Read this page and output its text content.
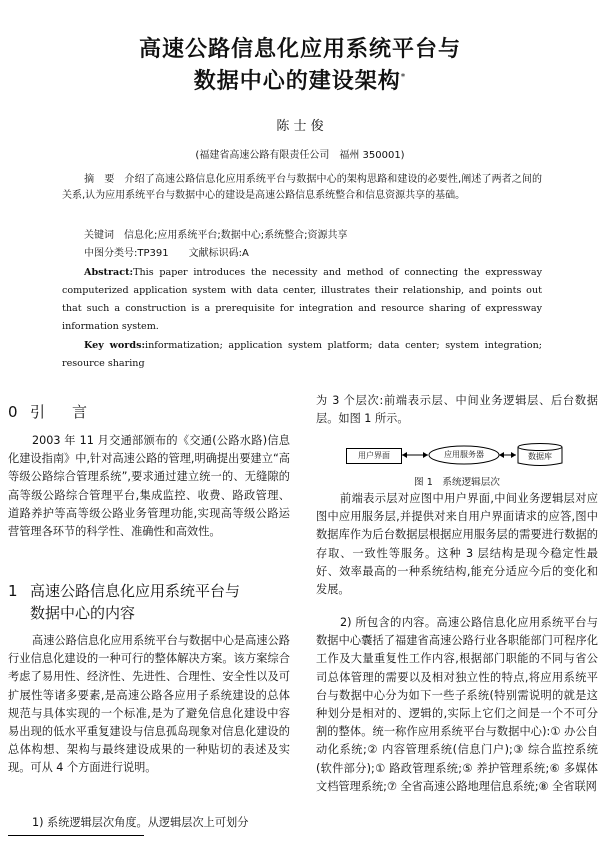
高速公路信息化应用系统平台与
数据中心的建设架构*
陈 士 俊
(福建省高速公路有限责任公司　福州 350001)
摘　要 介绍了高速公路信息化应用系统平台与数据中心的架构思路和建设的必要性,阐述了两者之间的关系,认为应用系统平台与数据中心的建设是高速公路信息系统整合和信息资源共享的基础。
关键词 信息化;应用系统平台;数据中心;系统整合;资源共享
中图分类号:TP391 文献标识码:A
Abstract:This paper introduces the necessity and method of connecting the expressway computerized application system with data center, illustrates their relationship, and points out that such a construction is a prerequisite for integration and resource sharing of expressway information system.
Key words:informatization; application system platform; data center; system integration; resource sharing
0 引　言
2003 年 11 月交通部颁布的《交通(公路水路)信息化建设指南》中,针对高速公路的管理,明确提出要建立“高等级公路综合管理系统”,要求通过建立统一的、无缝隙的高等级公路综合管理平台,集成监控、收费、路政管理、道路养护等高等级公路业务管理功能,实现高等级公路运营管理各环节的科学性、准确性和高效性。
1 高速公路信息化应用系统平台与
数据中心的内容
高速公路信息化应用系统平台与数据中心是高速公路行业信息化建设的一种可行的整体解决方案。该方案综合考虑了易用性、经济性、先进性、合理性、安全性以及可扩展性等诸多要素,是高速公路各应用子系统建设的总体规范与具体实现的一个标准,是为了避免信息化建设中容易出现的低水平重复建设与信息孤岛现象对信息化建设的总体构想、架构与最终建设成果的一种贴切的表述及实现。可从 4 个方面进行说明。
1) 系统逻辑层次角度。从逻辑层次上可划分
为 3 个层次:前端表示层、中间业务逻辑层、后台数据层。如图 1 所示。
用户界面	应用服务器	数据库
图 1　系统逻辑层次
前端表示层对应图中用户界面,中间业务逻辑层对应图中应用服务层,并提供对来自用户界面请求的应答,图中数据库作为后台数据层根据应用服务层的需要进行数据的存取、一致性等服务。这种 3 层结构是现今稳定性最好、效率最高的一种系统结构,能充分适应今后的变化和发展。
2) 所包含的内容。高速公路信息化应用系统平台与数据中心囊括了福建省高速公路行业各职能部门可程序化工作及大量重复性工作内容,根据部门职能的不同与省公司总体管理的需要以及相对独立性的特点,将应用系统平台与数据中心分为如下一些子系统(特别需说明的就是这种划分是相对的、逻辑的,实际上它们之间是一个不可分割的整体。统一称作应用系统平台与数据中心):① 办公自动化系统;② 内容管理系统(信息门户);③ 综合监控系统(软件部分);① 路政管理系统;⑤ 养护管理系统;⑥ 多媒体文档管理系统;⑦ 全省高速公路地理信息系统;⑧ 全省联网
